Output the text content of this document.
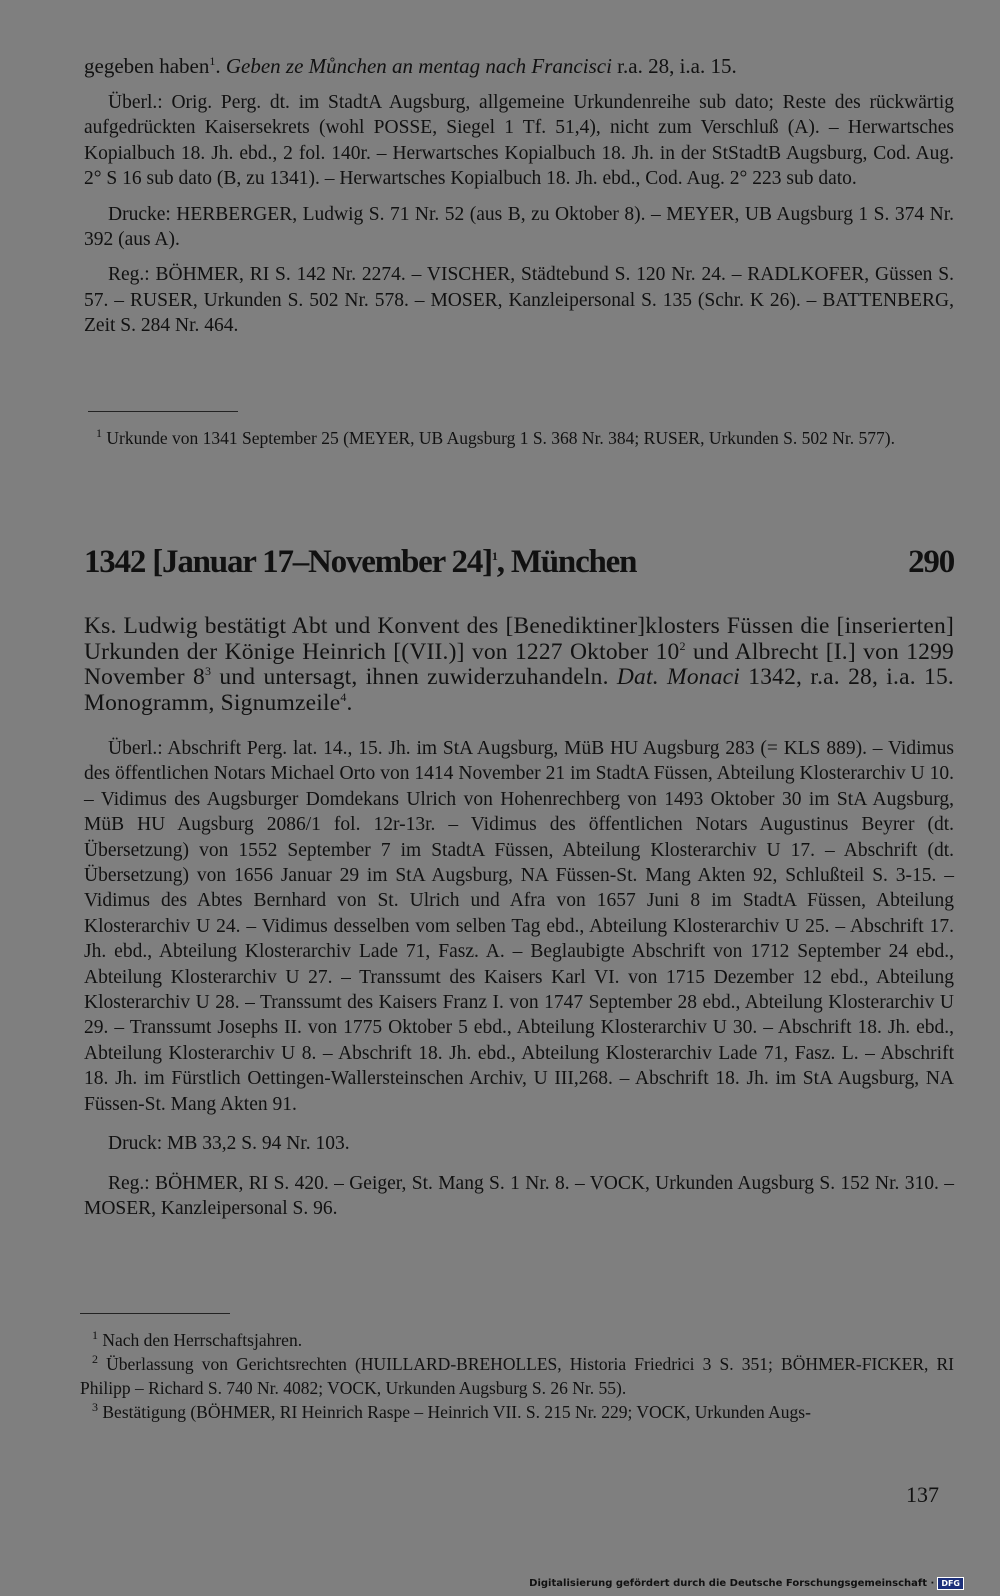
gegeben haben$^1$. Geben ze Můnchen an mentag nach Francisci r.a. 28, i.a. 15.

Überl.: Orig. Perg. dt. im StadtA Augsburg, allgemeine Urkundenreihe sub dato; Reste des rückwärtig aufgedrückten Kaisersekrets (wohl POSSE, Siegel 1 Tf. 51,4), nicht zum Verschluß (A). – Herwartsches Kopialbuch 18. Jh. ebd., 2 fol. 140r. – Herwartsches Kopialbuch 18. Jh. in der StStadtB Augsburg, Cod. Aug. 2° S 16 sub dato (B, zu 1341). – Herwartsches Kopialbuch 18. Jh. ebd., Cod. Aug. 2° 223 sub dato.

Drucke: HERBERGER, Ludwig S. 71 Nr. 52 (aus B, zu Oktober 8). – MEYER, UB Augsburg 1 S. 374 Nr. 392 (aus A).

Reg.: BÖHMER, RI S. 142 Nr. 2274. – VISCHER, Städtebund S. 120 Nr. 24. – RADLKOFER, Güssen S. 57. – RUSER, Urkunden S. 502 Nr. 578. – MOSER, Kanzleipersonal S. 135 (Schr. K 26). – BATTENBERG, Zeit S. 284 Nr. 464.

$^1$ Urkunde von 1341 September 25 (MEYER, UB Augsburg 1 S. 368 Nr. 384; RUSER, Urkunden S. 502 Nr. 577).

1342 [Januar 17–November 24]$^1$, München	290

Ks. Ludwig bestätigt Abt und Konvent des [Benediktiner]klosters Füssen die [inserierten] Urkunden der Könige Heinrich [(VII.)] von 1227 Oktober $10^2$ und Albrecht [I.] von 1299 November $8^3$ und untersagt, ihnen zuwiderzuhandeln. Dat. Monaci 1342, r.a. 28, i.a. 15. Monogramm, Signumzeile$^4$.

Überl.: Abschrift Perg. lat. 14., 15. Jh. im StA Augsburg, MüB HU Augsburg 283 (= KLS 889). – Vidimus des öffentlichen Notars Michael Orto von 1414 November 21 im StadtA Füssen, Abteilung Klosterarchiv U 10. – Vidimus des Augsburger Domdekans Ulrich von Hohenrechberg von 1493 Oktober 30 im StA Augsburg, MüB HU Augsburg 2086/1 fol. 12r-13r. – Vidimus des öffentlichen Notars Augustinus Beyrer (dt. Übersetzung) von 1552 September 7 im StadtA Füssen, Abteilung Klosterarchiv U 17. – Abschrift (dt. Übersetzung) von 1656 Januar 29 im StA Augsburg, NA Füssen-St. Mang Akten 92, Schlußteil S. 3-15. – Vidimus des Abtes Bernhard von St. Ulrich und Afra von 1657 Juni 8 im StadtA Füssen, Abteilung Klosterarchiv U 24. – Vidimus desselben vom selben Tag ebd., Abteilung Klosterarchiv U 25. – Abschrift 17. Jh. ebd., Abteilung Klosterarchiv Lade 71, Fasz. A. – Beglaubigte Abschrift von 1712 September 24 ebd., Abteilung Klosterarchiv U 27. – Transsumt des Kaisers Karl VI. von 1715 Dezember 12 ebd., Abteilung Klosterarchiv U 28. – Transsumt des Kaisers Franz I. von 1747 September 28 ebd., Abteilung Klosterarchiv U 29. – Transsumt Josephs II. von 1775 Oktober 5 ebd., Abteilung Klosterarchiv U 30. – Abschrift 18. Jh. ebd., Abteilung Klosterarchiv U 8. – Abschrift 18. Jh. ebd., Abteilung Klosterarchiv Lade 71, Fasz. L. – Abschrift 18. Jh. im Fürstlich Oettingen-Wallersteinschen Archiv, U III,268. – Abschrift 18. Jh. im StA Augsburg, NA Füssen-St. Mang Akten 91.

Druck: MB 33,2 S. 94 Nr. 103.

Reg.: BÖHMER, RI S. 420. – Geiger, St. Mang S. 1 Nr. 8. – VOCK, Urkunden Augsburg S. 152 Nr. 310. – MOSER, Kanzleipersonal S. 96.

$^1$ Nach den Herrschaftsjahren.

$^2$ Überlassung von Gerichtsrechten (HUILLARD-BREHOLLES, Historia Friedrici 3 S. 351; BÖHMER-FICKER, RI Philipp – Richard S. 740 Nr. 4082; VOCK, Urkunden Augsburg S. 26 Nr. 55).

$^3$ Bestätigung (BÖHMER, RI Heinrich Raspe – Heinrich VII. S. 215 Nr. 229; VOCK, Urkunden Augs-

137
Digitalisierung gefördert durch die Deutsche Forschungsgemeinschaft · DFG
